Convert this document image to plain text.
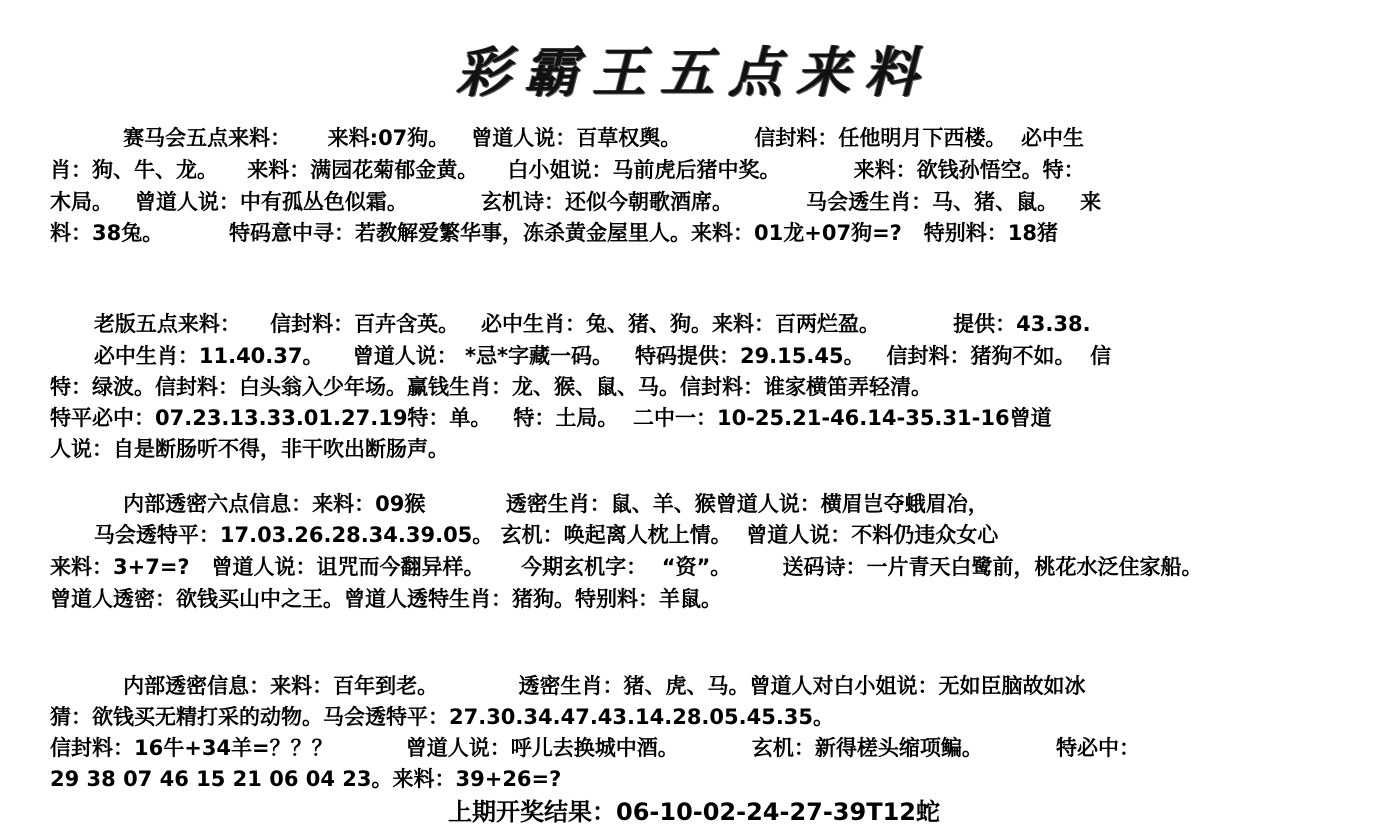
彩霸王五点来料
赛马会五点来料：     来料:07狗。   曾道人说：百草权舆。          信封料：任他明月下西楼。  必中生
肖：狗、牛、龙。    来料：满园花菊郁金黄。    白小姐说：马前虎后猪中奖。          来料：欲钱孙悟空。特：
木局。   曾道人说：中有孤丛色似霜。          玄机诗：还似今朝歌酒席。          马会透生肖：马、猪、鼠。   来
料：38兔。         特码意中寻：若教解爱繁华事，冻杀黄金屋里人。来料：01龙+07狗=?   特别料：18猪
老版五点来料：    信封料：百卉含英。   必中生肖：兔、猪、狗。来料：百两烂盈。          提供：43.38.
必中生肖：11.40.37。    曾道人说： *忌*字藏一码。   特码提供：29.15.45。   信封料：猪狗不如。  信
特：绿波。信封料：白头翁入少年场。赢钱生肖：龙、猴、鼠、马。信封料：谁家横笛弄轻清。
特平必中：07.23.13.33.01.27.19特：单。   特：土局。  二中一：10-25.21-46.14-35.31-16曾道
人说：自是断肠听不得，非干吹出断肠声。
内部透密六点信息：来料：09猴           透密生肖：鼠、羊、猴曾道人说：横眉岂夺蛾眉冶，
马会透特平：17.03.26.28.34.39.05。 玄机：唤起离人枕上情。  曾道人说：不料仍违众女心
来料：3+7=?   曾道人说：诅咒而今翻异样。     今期玄机字：  “资”。       送码诗：一片青天白鹭前，桃花水泛住家船。
曾道人透密：欲钱买山中之王。曾道人透特生肖：猪狗。特别料：羊鼠。
内部透密信息：来料：百年到老。           透密生肖：猪、虎、马。曾道人对白小姐说：无如臣脑故如冰
猜：欲钱买无精打采的动物。马会透特平：27.30.34.47.43.14.28.05.45.35。
信封料：16牛+34羊=？？？          曾道人说：呼儿去换城中酒。          玄机：新得槎头缩项鳊。          特必中：
29 38 07 46 15 21 06 04 23。来料：39+26=?
上期开奖结果：06-10-02-24-27-39T12蛇
